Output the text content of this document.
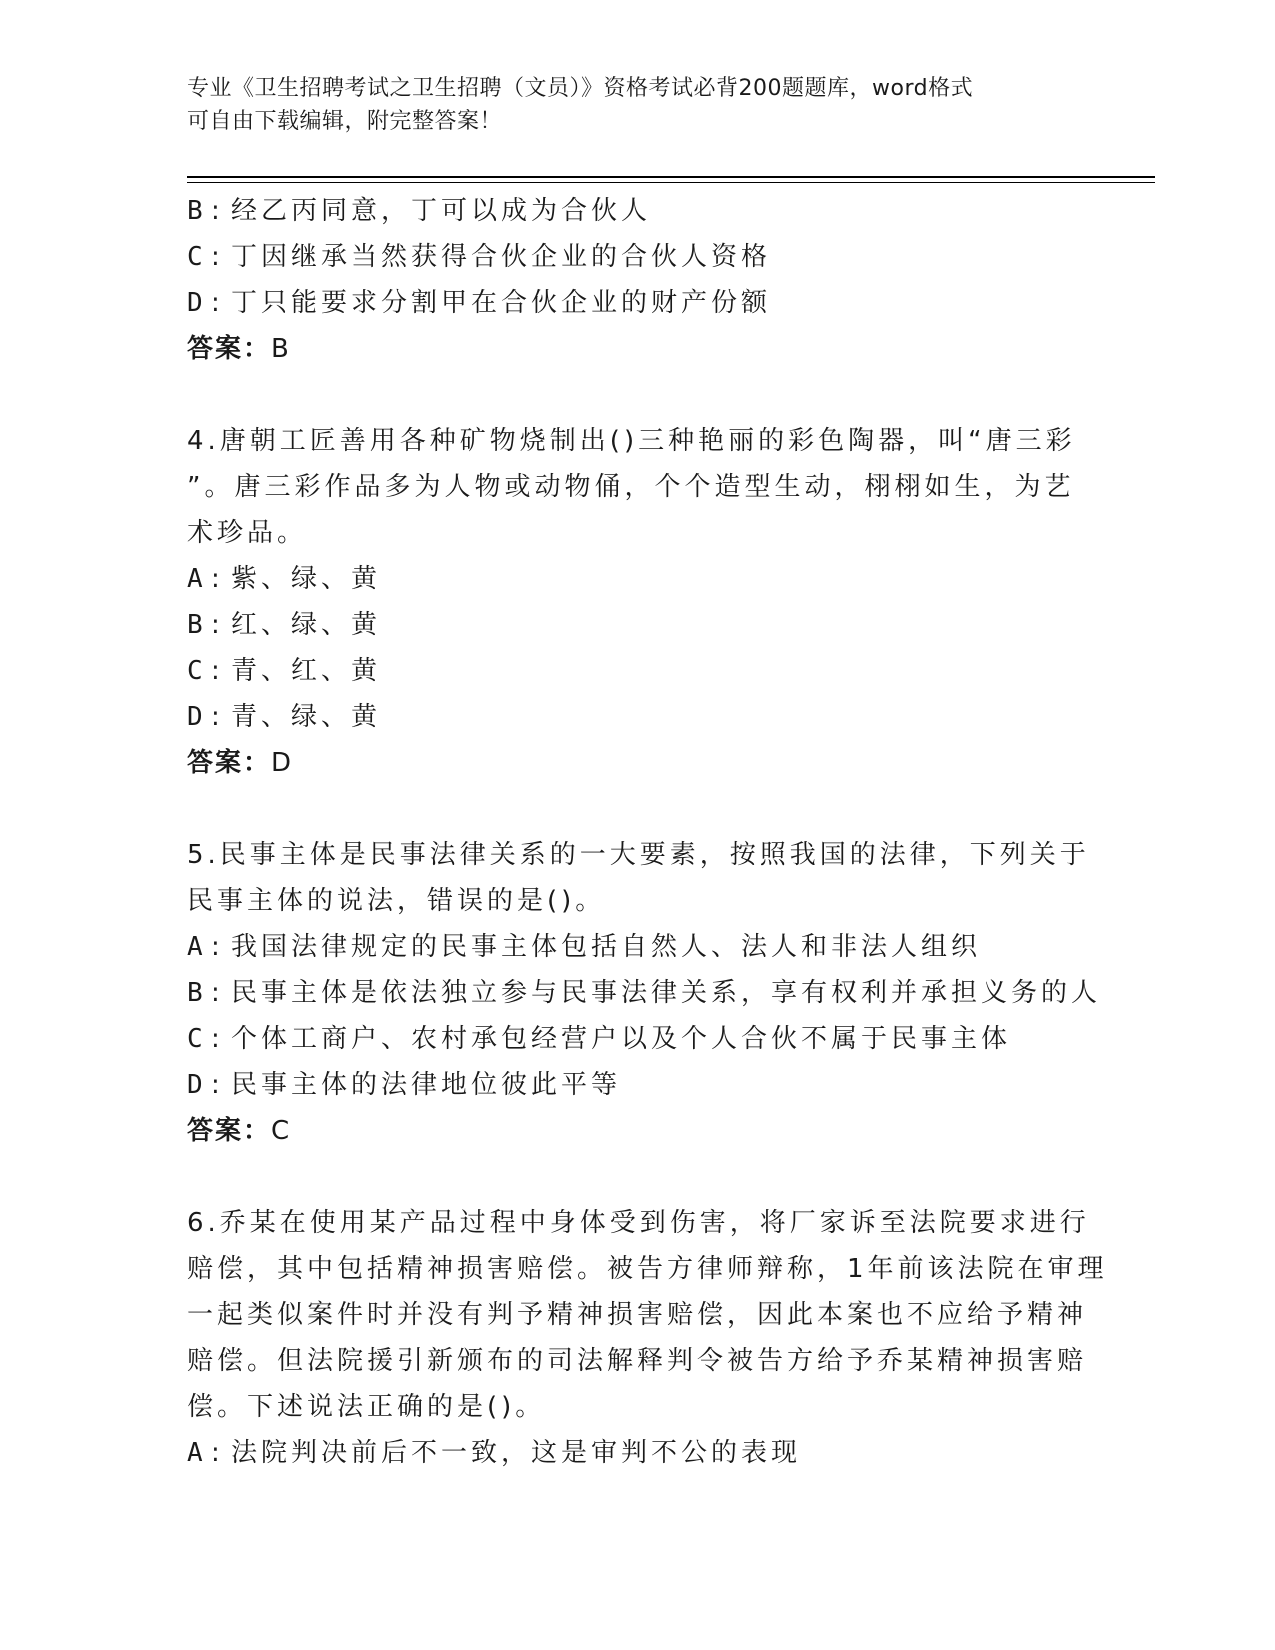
专业《卫生招聘考试之卫生招聘（文员）》资格考试必背200题题库，word格式
可自由下载编辑，附完整答案！
B : 经乙丙同意，丁可以成为合伙人
C : 丁因继承当然获得合伙企业的合伙人资格
D : 丁只能要求分割甲在合伙企业的财产份额
答案：B
4.唐朝工匠善用各种矿物烧制出()三种艳丽的彩色陶器，叫“唐三彩
”。唐三彩作品多为人物或动物俑，个个造型生动，栩栩如生，为艺
术珍品。
A : 紫、绿、黄
B : 红、绿、黄
C : 青、红、黄
D : 青、绿、黄
答案：D
5.民事主体是民事法律关系的一大要素，按照我国的法律，下列关于
民事主体的说法，错误的是()。
A : 我国法律规定的民事主体包括自然人、法人和非法人组织
B : 民事主体是依法独立参与民事法律关系，享有权利并承担义务的人
C : 个体工商户、农村承包经营户以及个人合伙不属于民事主体
D : 民事主体的法律地位彼此平等
答案：C
6.乔某在使用某产品过程中身体受到伤害，将厂家诉至法院要求进行
赔偿，其中包括精神损害赔偿。被告方律师辩称，1年前该法院在审理
一起类似案件时并没有判予精神损害赔偿，因此本案也不应给予精神
赔偿。但法院援引新颁布的司法解释判令被告方给予乔某精神损害赔
偿。下述说法正确的是()。
A : 法院判决前后不一致，这是审判不公的表现
